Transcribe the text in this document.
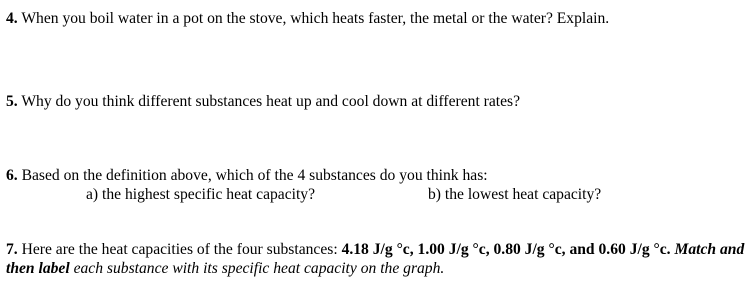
4. When you boil water in a pot on the stove, which heats faster, the metal or the water? Explain.

5. Why do you think different substances heat up and cool down at different rates?

6. Based on the definition above, which of the 4 substances do you think has:

a) the highest specific heat capacity?	b) the lowest heat capacity?

7. Here are the heat capacities of the four substances: 4.18 J/g °c, 1.00 J/g °c, 0.80 J/g °c, and 0.60 J/g °c. Match and then label each substance with its specific heat capacity on the graph.
